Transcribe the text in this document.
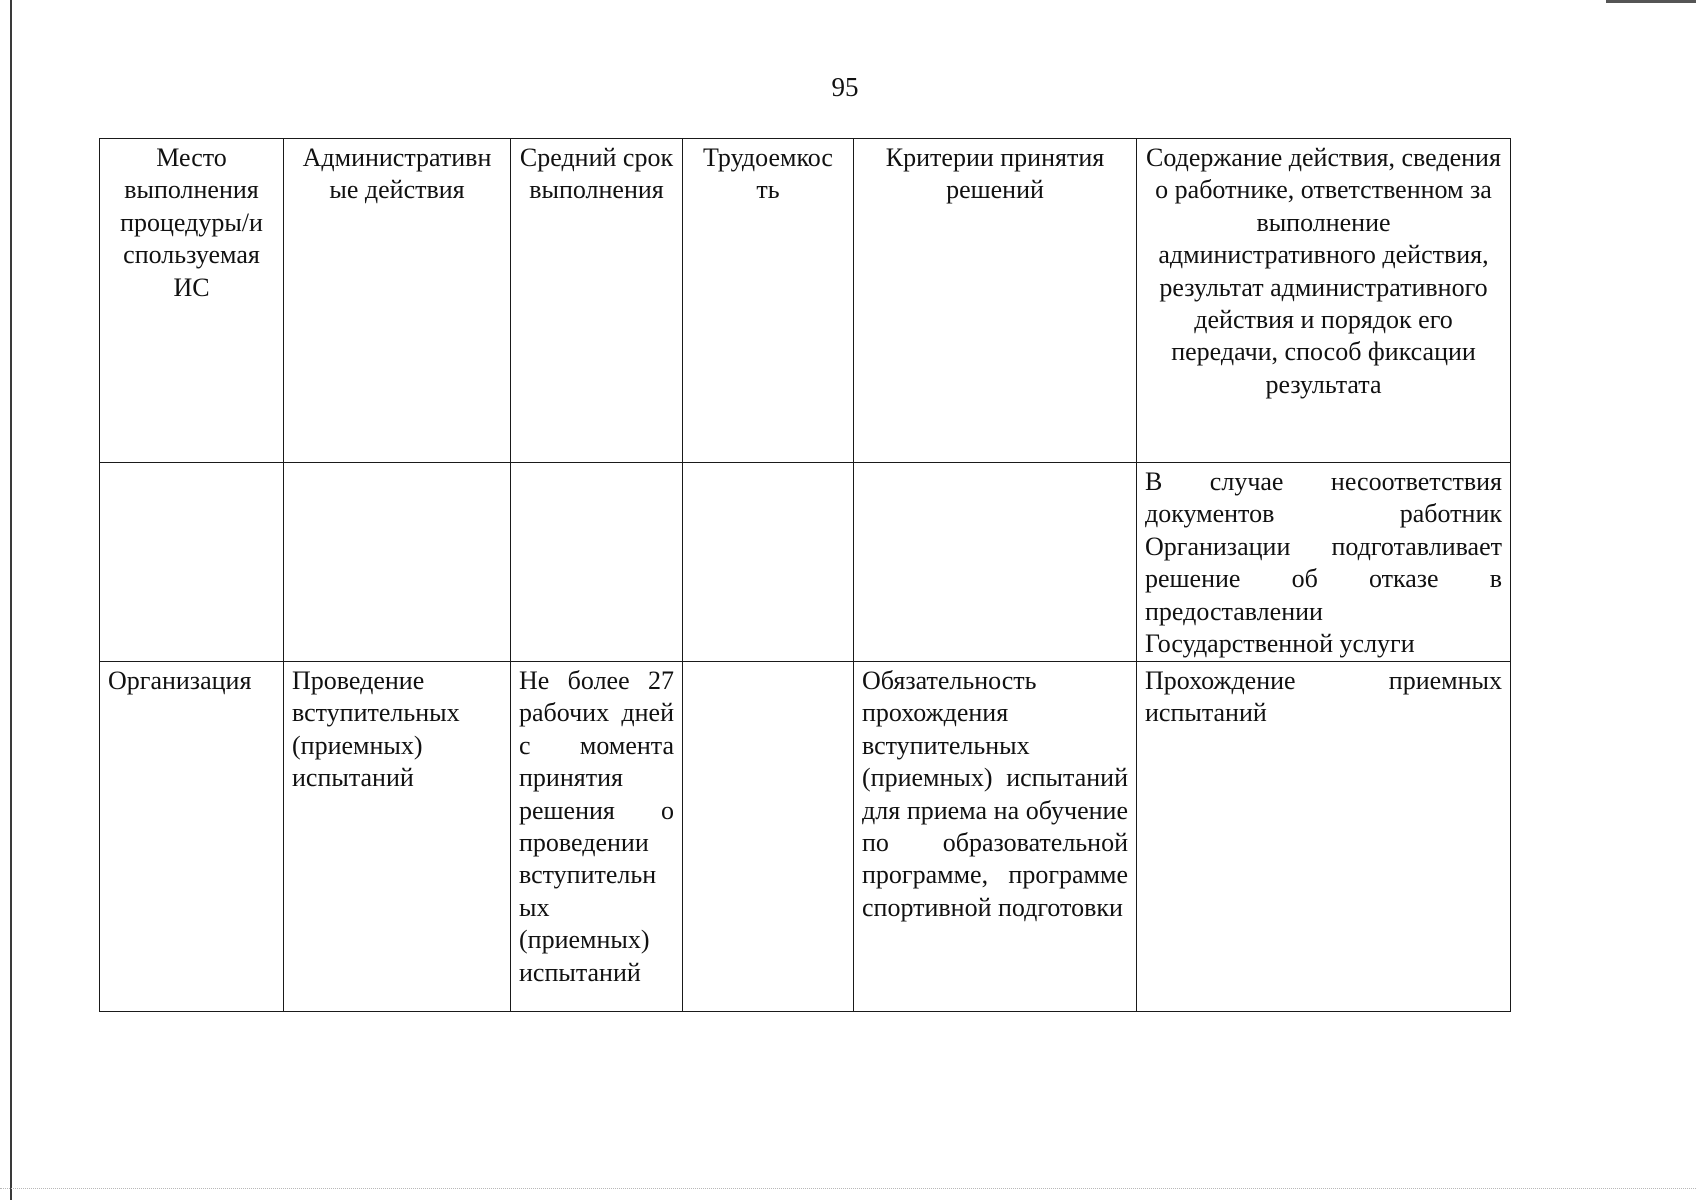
95
Место выполнения процедуры/и спользуемая ИС	Административн ые действия	Средний срок выполнения	Трудоемкос ть	Критерии принятия решений	Содержание действия, сведения о работнике, ответственном за выполнение административного действия, результат административного действия и порядок его передачи, способ фиксации результата
					В случае несоответствия документов работник Организации подготавливает решение об отказе в предоставлении Государственной услуги
Организация	Проведение вступительных (приемных) испытаний	Не более 27 рабочих дней с момента принятия решения о проведении вступительн ых (приемных) испытаний		Обязательность прохождения вступительных (приемных) испытаний для приема на обучение по образовательной программе, программе спортивной подготовки	Прохождение приемных испытаний
